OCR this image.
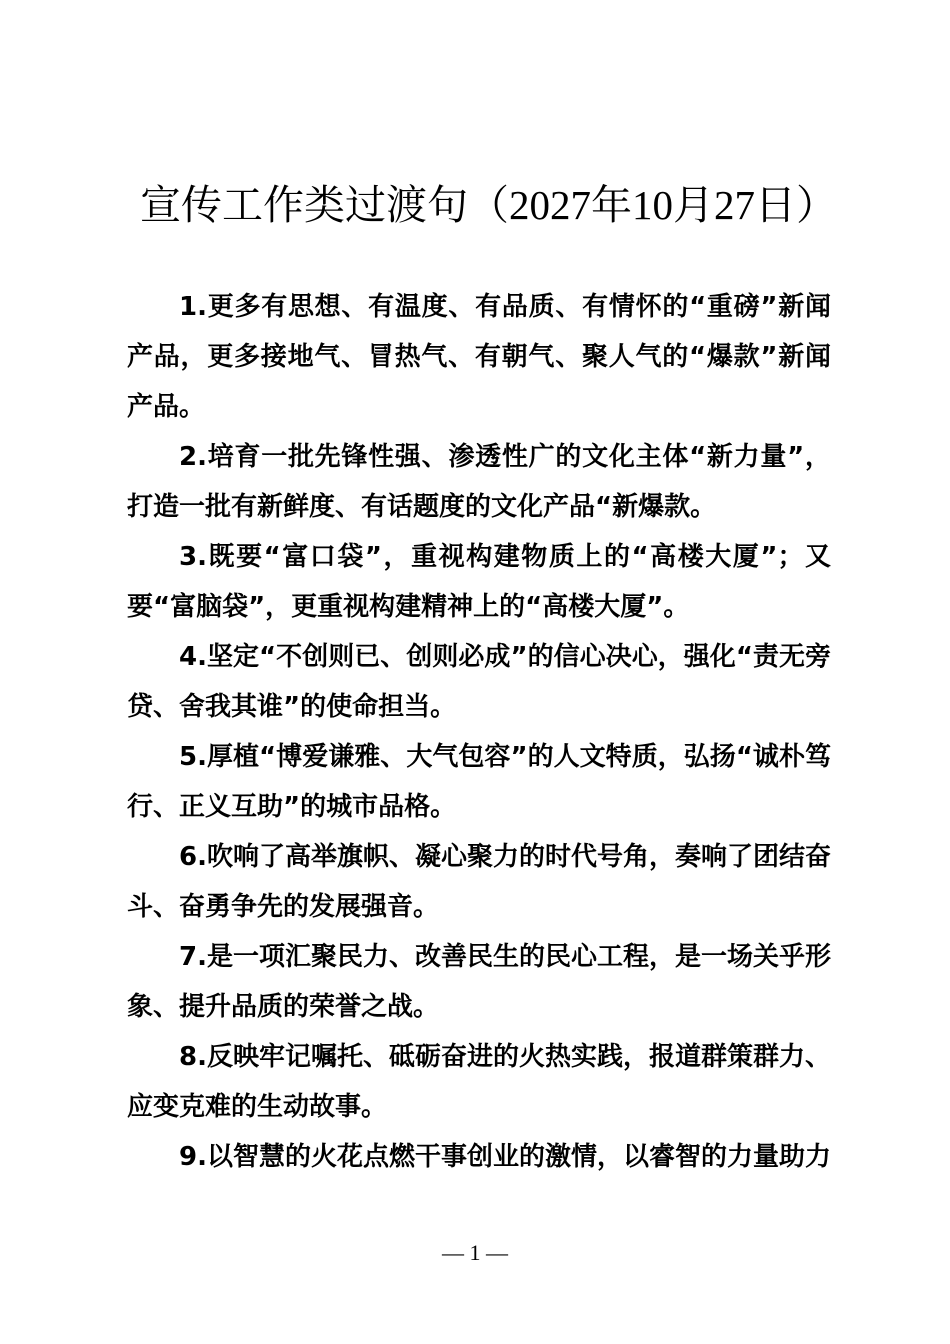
宣传工作类过渡句（2027年10月27日）

1.更多有思想、有温度、有品质、有情怀的“重磅”新闻产品，更多接地气、冒热气、有朝气、聚人气的“爆款”新闻产品。

2.培育一批先锋性强、渗透性广的文化主体“新力量”，打造一批有新鲜度、有话题度的文化产品“新爆款。

3.既要“富口袋”，重视构建物质上的“高楼大厦”；又要“富脑袋”，更重视构建精神上的“高楼大厦”。

4.坚定“不创则已、创则必成”的信心决心，强化“责无旁贷、舍我其谁”的使命担当。

5.厚植“博爱谦雅、大气包容”的人文特质，弘扬“诚朴笃行、正义互助”的城市品格。

6.吹响了高举旗帜、凝心聚力的时代号角，奏响了团结奋斗、奋勇争先的发展强音。

7.是一项汇聚民力、改善民生的民心工程，是一场关乎形象、提升品质的荣誉之战。

8.反映牢记嘱托、砥砺奋进的火热实践，报道群策群力、应变克难的生动故事。

9.以智慧的火花点燃干事创业的激情，以睿智的力量助力

— 1 —
